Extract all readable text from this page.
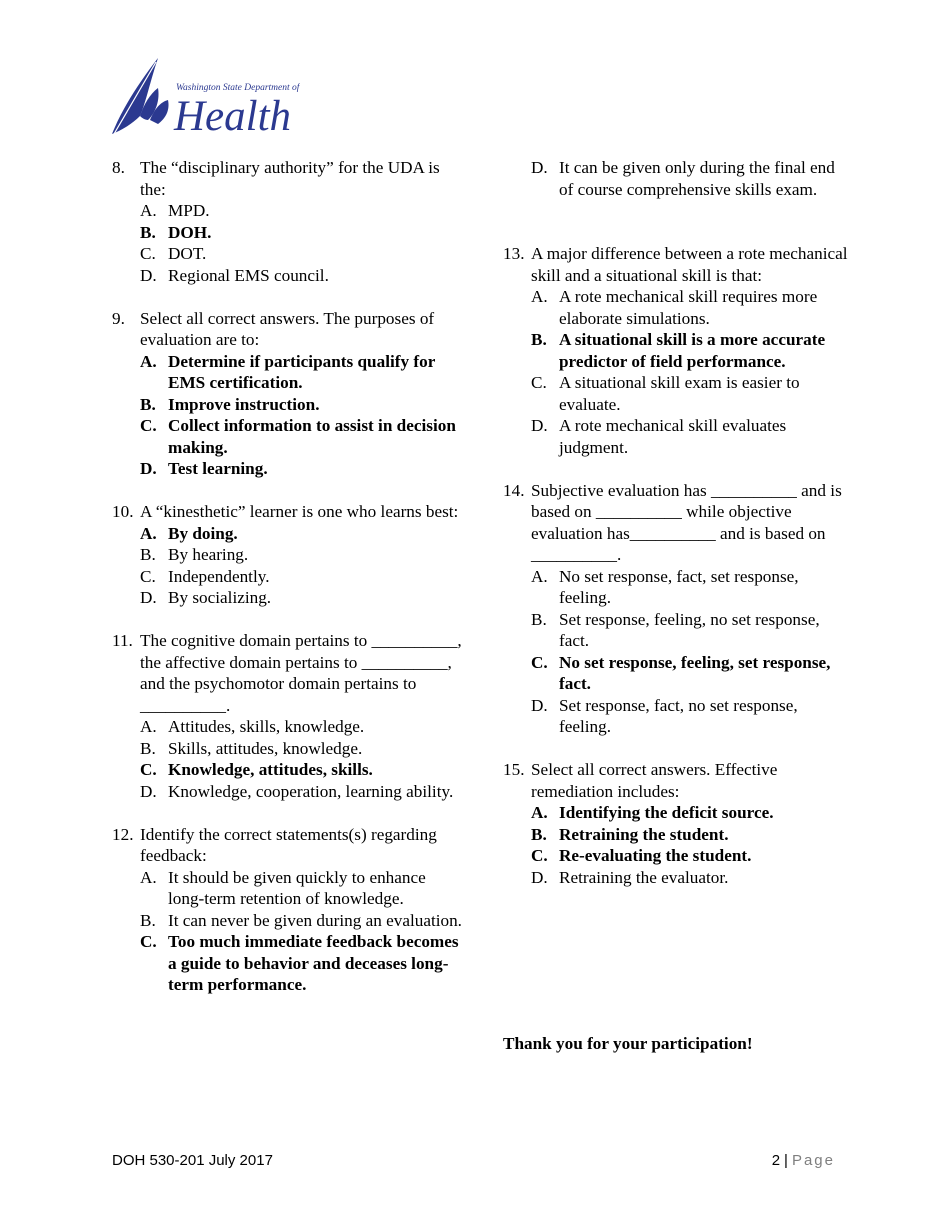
Washington State Department of
Health
8. The “disciplinary authority” for the UDA is the:
A. MPD.
B. DOH.
C. DOT.
D. Regional EMS council.
9. Select all correct answers. The purposes of evaluation are to:
A. Determine if participants qualify for EMS certification.
B. Improve instruction.
C. Collect information to assist in decision making.
D. Test learning.
10. A “kinesthetic” learner is one who learns best:
A. By doing.
B. By hearing.
C. Independently.
D. By socializing.
11. The cognitive domain pertains to __________, the affective domain pertains to __________, and the psychomotor domain pertains to __________.
A. Attitudes, skills, knowledge.
B. Skills, attitudes, knowledge.
C. Knowledge, attitudes, skills.
D. Knowledge, cooperation, learning ability.
12. Identify the correct statements(s) regarding feedback:
A. It should be given quickly to enhance long-term retention of knowledge.
B. It can never be given during an evaluation.
C. Too much immediate feedback becomes a guide to behavior and deceases long-term performance.
D. It can be given only during the final end of course comprehensive skills exam.
13. A major difference between a rote mechanical skill and a situational skill is that:
A. A rote mechanical skill requires more elaborate simulations.
B. A situational skill is a more accurate predictor of field performance.
C. A situational skill exam is easier to evaluate.
D. A rote mechanical skill evaluates judgment.
14. Subjective evaluation has __________ and is based on __________ while objective evaluation has__________ and is based on __________.
A. No set response, fact, set response, feeling.
B. Set response, feeling, no set response, fact.
C. No set response, feeling, set response, fact.
D. Set response, fact, no set response, feeling.
15. Select all correct answers. Effective remediation includes:
A. Identifying the deficit source.
B. Retraining the student.
C. Re-evaluating the student.
D. Retraining the evaluator.
Thank you for your participation!
DOH 530-201 July 2017	2 | Page
